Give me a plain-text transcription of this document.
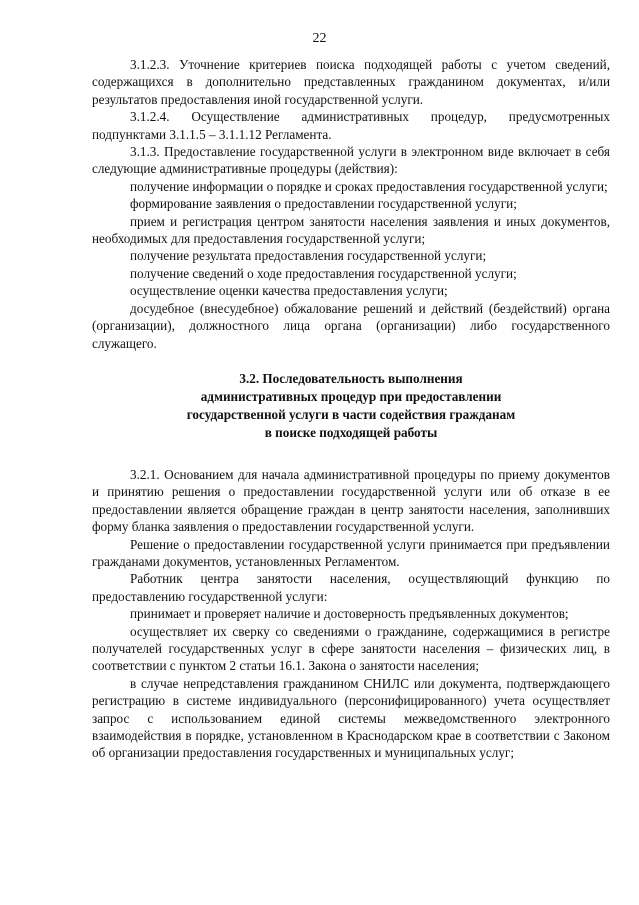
22

3.1.2.3. Уточнение критериев поиска подходящей работы с учетом сведений, содержащихся в дополнительно представленных гражданином документах, и/или результатов предоставления иной государственной услуги.

3.1.2.4. Осуществление административных процедур, предусмотренных подпунктами 3.1.1.5 – 3.1.1.12 Регламента.

3.1.3. Предоставление государственной услуги в электронном виде включает в себя следующие административные процедуры (действия):

получение информации о порядке и сроках предоставления государственной услуги;

формирование заявления о предоставлении государственной услуги;

прием и регистрация центром занятости населения заявления и иных документов, необходимых для предоставления государственной услуги;

получение результата предоставления государственной услуги;

получение сведений о ходе предоставления государственной услуги;

осуществление оценки качества предоставления услуги;

досудебное (внесудебное) обжалование решений и действий (бездействий) органа (организации), должностного лица органа (организации) либо государственного служащего.

3.2. Последовательность выполнения
административных процедур при предоставлении
государственной услуги в части содействия гражданам
в поиске подходящей работы

3.2.1. Основанием для начала административной процедуры по приему документов и принятию решения о предоставлении государственной услуги или об отказе в ее предоставлении является обращение граждан в центр занятости населения, заполнивших форму бланка заявления о предоставлении государственной услуги.

Решение о предоставлении государственной услуги принимается при предъявлении гражданами документов, установленных Регламентом.

Работник центра занятости населения, осуществляющий функцию по предоставлению государственной услуги:

принимает и проверяет наличие и достоверность предъявленных документов;

осуществляет их сверку со сведениями о гражданине, содержащимися в регистре получателей государственных услуг в сфере занятости населения – физических лиц, в соответствии с пунктом 2 статьи 16.1. Закона о занятости населения;

в случае непредставления гражданином СНИЛС или документа, подтверждающего регистрацию в системе индивидуального (персонифицированного) учета осуществляет запрос с использованием единой системы межведомственного электронного взаимодействия в порядке, установленном в Краснодарском крае в соответствии с Законом об организации предоставления государственных и муниципальных услуг;
